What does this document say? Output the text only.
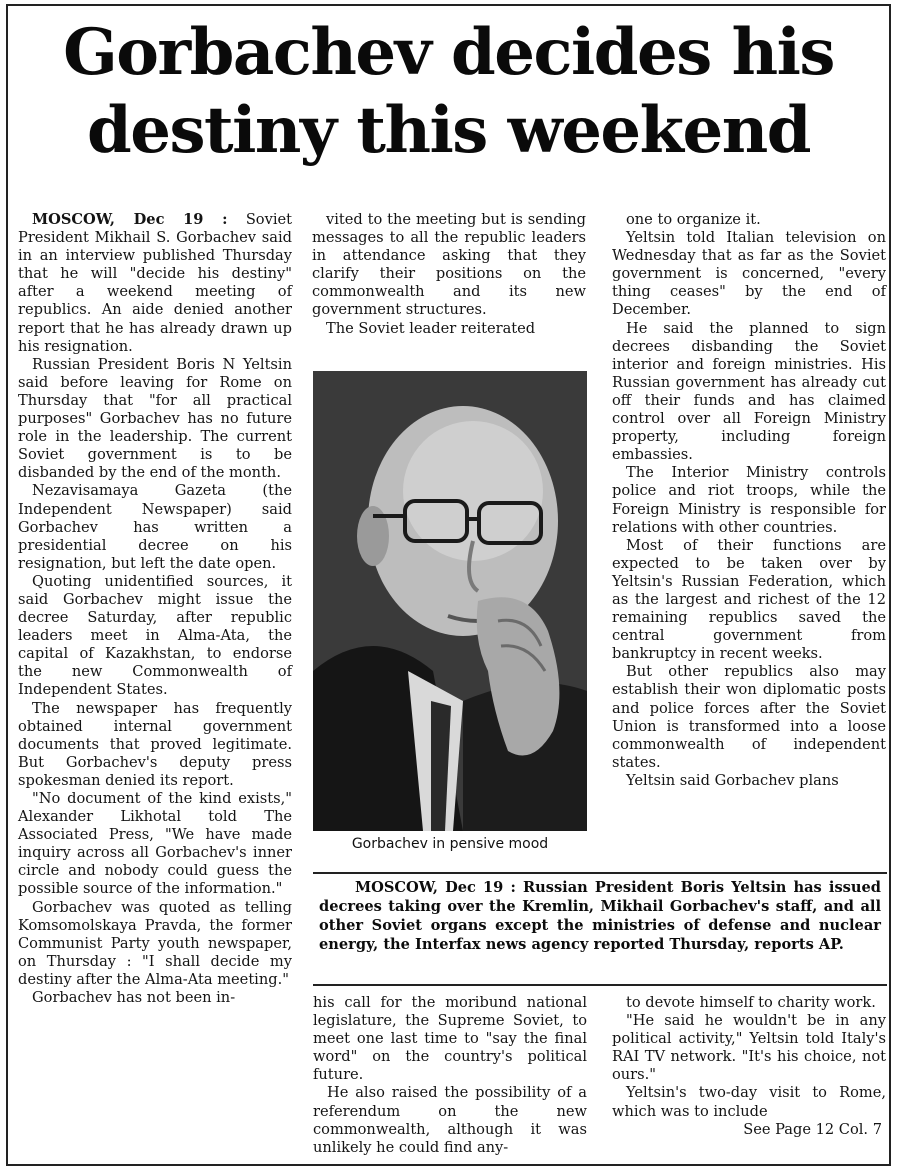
Gorbachev decides his
destiny this weekend

MOSCOW, Dec 19 : Soviet President Mikhail S. Gorbachev said in an interview published Thursday that he will "decide his destiny" after a weekend meeting of republics. An aide denied another report that he has already drawn up his resignation.

Russian President Boris N Yeltsin said before leaving for Rome on Thursday that "for all practical purposes" Gorbachev has no future role in the leadership. The current Soviet government is to be disbanded by the end of the month.

Nezavisamaya Gazeta (the Independent Newspaper) said Gorbachev has written a presidential decree on his resignation, but left the date open.

Quoting unidentified sources, it said Gorbachev might issue the decree Saturday, after republic leaders meet in Alma-Ata, the capital of Kazakhstan, to endorse the new Commonwealth of Independent States.

The newspaper has frequently obtained internal government documents that proved legitimate. But Gorbachev's deputy press spokesman denied its report.

"No document of the kind exists," Alexander Likhotal told The Associated Press, "We have made inquiry across all Gorbachev's inner circle and nobody could guess the possible source of the information."

Gorbachev was quoted as telling Komsomolskaya Pravda, the former Communist Party youth newspaper, on Thursday : "I shall decide my destiny after the Alma-Ata meeting."

Gorbachev has not been in-

vited to the meeting but is sending messages to all the republic leaders in attendance asking that they clarify their positions on the commonwealth and its new government structures.

The Soviet leader reiterated

Gorbachev in pensive mood

one to organize it.

Yeltsin told Italian television on Wednesday that as far as the Soviet government is concerned, "every thing ceases" by the end of December.

He said the planned to sign decrees disbanding the Soviet interior and foreign ministries. His Russian government has already cut off their funds and has claimed control over all Foreign Ministry property, including foreign embassies.

The Interior Ministry controls police and riot troops, while the Foreign Ministry is responsible for relations with other countries.

Most of their functions are expected to be taken over by Yeltsin's Russian Federation, which as the largest and richest of the 12 remaining republics saved the central government from bankruptcy in recent weeks.

But other republics also may establish their won diplomatic posts and police forces after the Soviet Union is transformed into a loose commonwealth of independent states.

Yeltsin said Gorbachev plans

MOSCOW, Dec 19 : Russian President Boris Yeltsin has issued decrees taking over the Kremlin, Mikhail Gorbachev's staff, and all other Soviet organs except the ministries of defense and nuclear energy, the Interfax news agency reported Thursday, reports AP.

his call for the moribund national legislature, the Supreme Soviet, to meet one last time to "say the final word" on the country's political future.

He also raised the possibility of a referendum on the new commonwealth, although it was unlikely he could find any-

to devote himself to charity work.

"He said he wouldn't be in any political activity," Yeltsin told Italy's RAI TV network. "It's his choice, not ours."

Yeltsin's two-day visit to Rome, which was to include

See Page 12 Col. 7
